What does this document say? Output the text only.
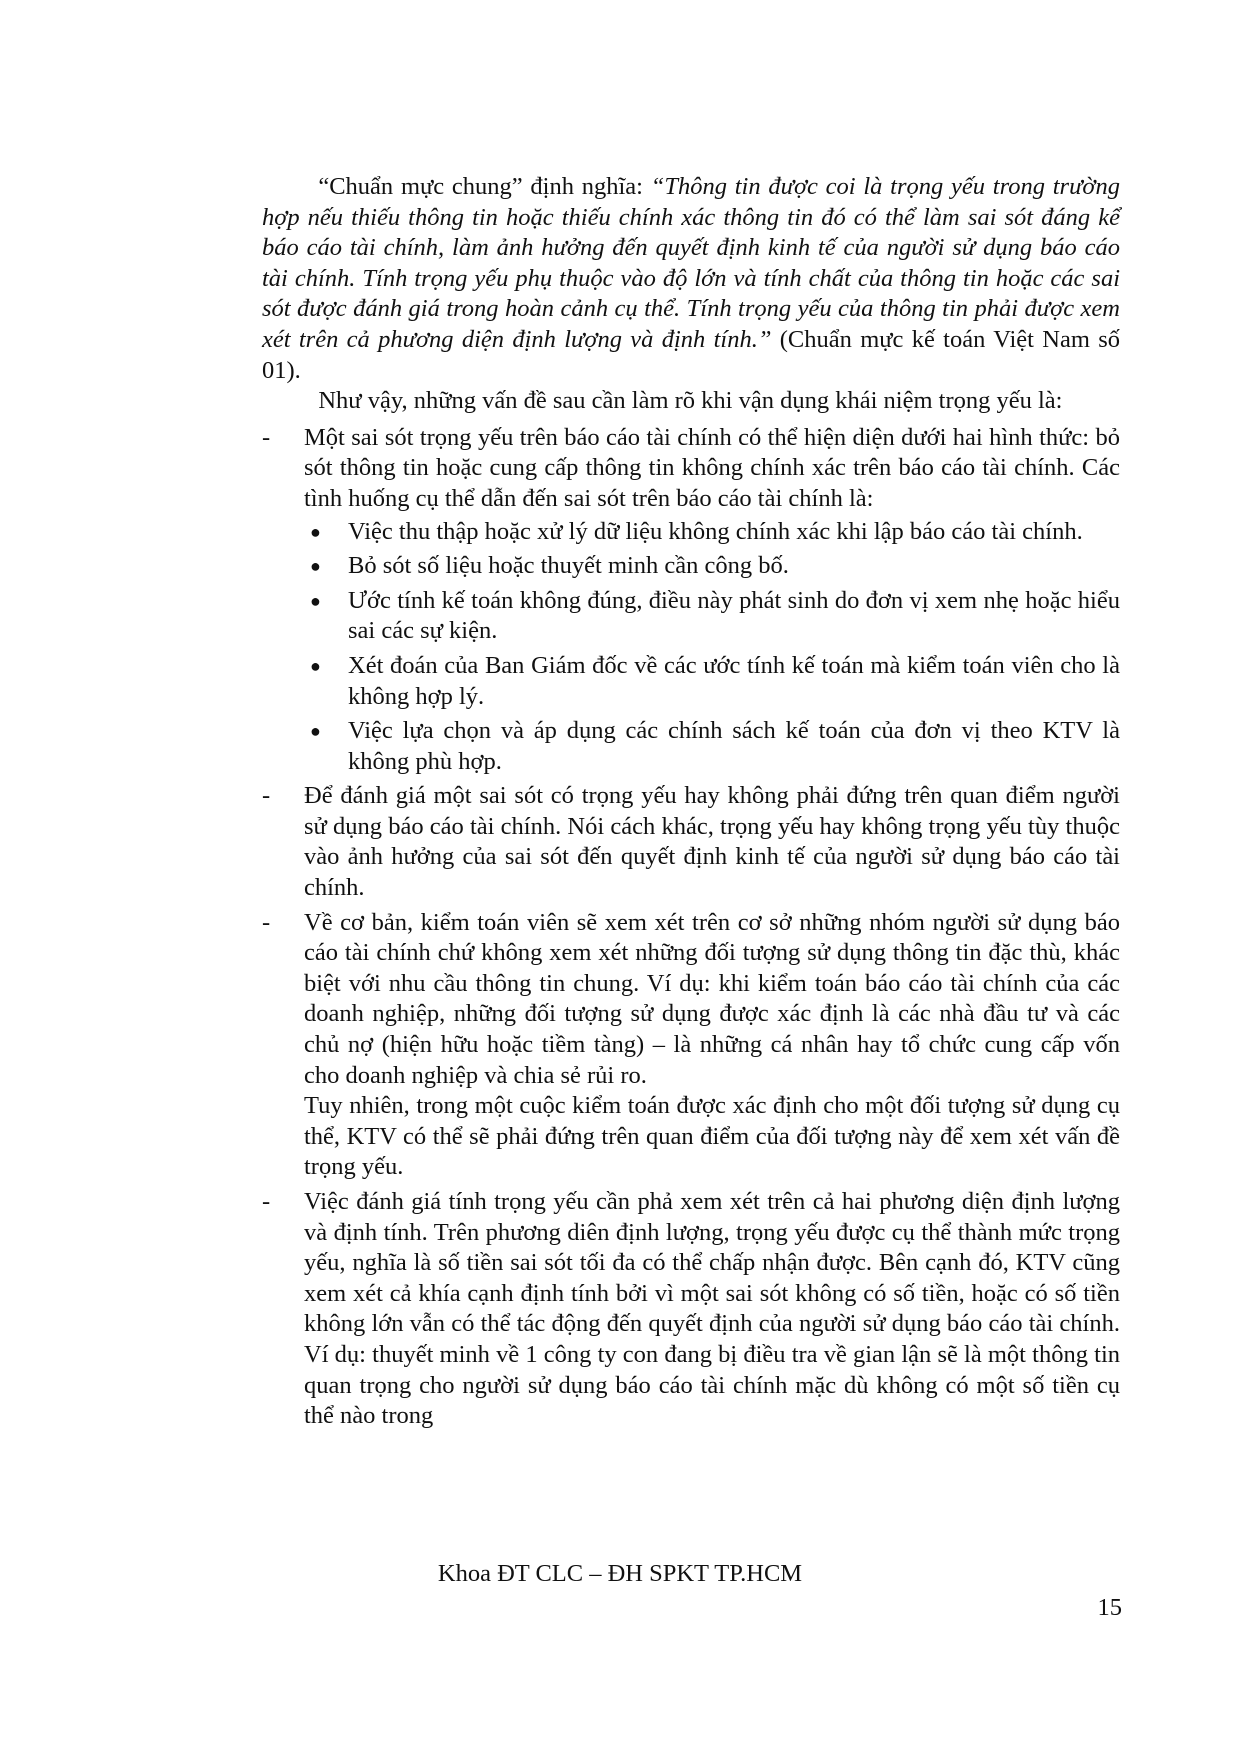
“Chuẩn mực chung” định nghĩa: “Thông tin được coi là trọng yếu trong trường hợp nếu thiếu thông tin hoặc thiếu chính xác thông tin đó có thể làm sai sót đáng kể báo cáo tài chính, làm ảnh hưởng đến quyết định kinh tế của người sử dụng báo cáo tài chính. Tính trọng yếu phụ thuộc vào độ lớn và tính chất của thông tin hoặc các sai sót được đánh giá trong hoàn cảnh cụ thể. Tính trọng yếu của thông tin phải được xem xét trên cả phương diện định lượng và định tính.” (Chuẩn mực kế toán Việt Nam số 01).

Như vậy, những vấn đề sau cần làm rõ khi vận dụng khái niệm trọng yếu là:

- Một sai sót trọng yếu trên báo cáo tài chính có thể hiện diện dưới hai hình thức: bỏ sót thông tin hoặc cung cấp thông tin không chính xác trên báo cáo tài chính. Các tình huống cụ thể dẫn đến sai sót trên báo cáo tài chính là:

● Việc thu thập hoặc xử lý dữ liệu không chính xác khi lập báo cáo tài chính.
● Bỏ sót số liệu hoặc thuyết minh cần công bố.
● Ước tính kế toán không đúng, điều này phát sinh do đơn vị xem nhẹ hoặc hiểu sai các sự kiện.
● Xét đoán của Ban Giám đốc về các ước tính kế toán mà kiểm toán viên cho là không hợp lý.
● Việc lựa chọn và áp dụng các chính sách kế toán của đơn vị theo KTV là không phù hợp.
- Để đánh giá một sai sót có trọng yếu hay không phải đứng trên quan điểm người sử dụng báo cáo tài chính. Nói cách khác, trọng yếu hay không trọng yếu tùy thuộc vào ảnh hưởng của sai sót đến quyết định kinh tế của người sử dụng báo cáo tài chính.

- Về cơ bản, kiểm toán viên sẽ xem xét trên cơ sở những nhóm người sử dụng báo cáo tài chính chứ không xem xét những đối tượng sử dụng thông tin đặc thù, khác biệt với nhu cầu thông tin chung. Ví dụ: khi kiểm toán báo cáo tài chính của các doanh nghiệp, những đối tượng sử dụng được xác định là các nhà đầu tư và các chủ nợ (hiện hữu hoặc tiềm tàng) – là những cá nhân hay tổ chức cung cấp vốn cho doanh nghiệp và chia sẻ rủi ro.

Tuy nhiên, trong một cuộc kiểm toán được xác định cho một đối tượng sử dụng cụ thể, KTV có thể sẽ phải đứng trên quan điểm của đối tượng này để xem xét vấn đề trọng yếu.

- Việc đánh giá tính trọng yếu cần phả xem xét trên cả hai phương diện định lượng và định tính. Trên phương diên định lượng, trọng yếu được cụ thể thành mức trọng yếu, nghĩa là số tiền sai sót tối đa có thể chấp nhận được. Bên cạnh đó, KTV cũng xem xét cả khía cạnh định tính bởi vì một sai sót không có số tiền, hoặc có số tiền không lớn vẫn có thể tác động đến quyết định của người sử dụng báo cáo tài chính. Ví dụ: thuyết minh về 1 công ty con đang bị điều tra về gian lận sẽ là một thông tin quan trọng cho người sử dụng báo cáo tài chính mặc dù không có một số tiền cụ thể nào trong

Khoa ĐT CLC – ĐH SPKT TP.HCM
15
